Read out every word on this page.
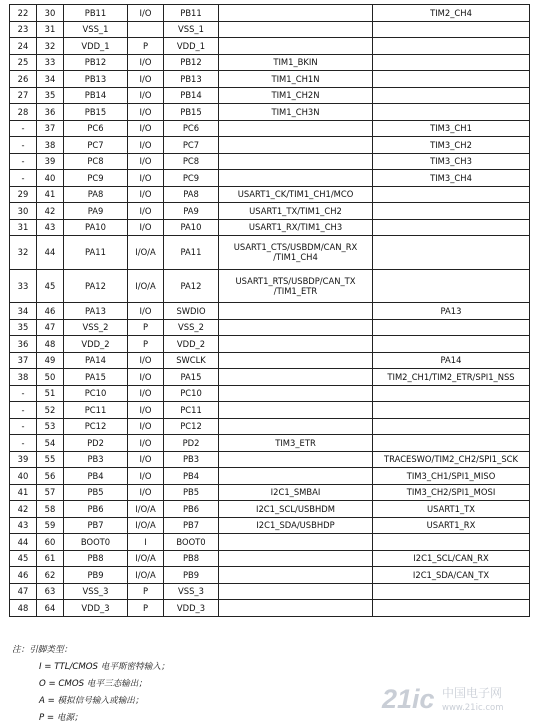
22	30	PB11	I/O	PB11		TIM2_CH4
23	31	VSS_1		VSS_1		
24	32	VDD_1	P	VDD_1		
25	33	PB12	I/O	PB12	TIM1_BKIN	
26	34	PB13	I/O	PB13	TIM1_CH1N	
27	35	PB14	I/O	PB14	TIM1_CH2N	
28	36	PB15	I/O	PB15	TIM1_CH3N	
-	37	PC6	I/O	PC6		TIM3_CH1
-	38	PC7	I/O	PC7		TIM3_CH2
-	39	PC8	I/O	PC8		TIM3_CH3
-	40	PC9	I/O	PC9		TIM3_CH4
29	41	PA8	I/O	PA8	USART1_CK/TIM1_CH1/MCO	
30	42	PA9	I/O	PA9	USART1_TX/TIM1_CH2	
31	43	PA10	I/O	PA10	USART1_RX/TIM1_CH3	
32	44	PA11	I/O/A	PA11	USART1_CTS/USBDM/CAN_RX /TIM1_CH4	
33	45	PA12	I/O/A	PA12	USART1_RTS/USBDP/CAN_TX /TIM1_ETR	
34	46	PA13	I/O	SWDIO		PA13
35	47	VSS_2	P	VSS_2		
36	48	VDD_2	P	VDD_2		
37	49	PA14	I/O	SWCLK		PA14
38	50	PA15	I/O	PA15		TIM2_CH1/TIM2_ETR/SPI1_NSS
-	51	PC10	I/O	PC10		
-	52	PC11	I/O	PC11		
-	53	PC12	I/O	PC12		
-	54	PD2	I/O	PD2	TIM3_ETR	
39	55	PB3	I/O	PB3		TRACESWO/TIM2_CH2/SPI1_SCK
40	56	PB4	I/O	PB4		TIM3_CH1/SPI1_MISO
41	57	PB5	I/O	PB5	I2C1_SMBAI	TIM3_CH2/SPI1_MOSI
42	58	PB6	I/O/A	PB6	I2C1_SCL/USBHDM	USART1_TX
43	59	PB7	I/O/A	PB7	I2C1_SDA/USBHDP	USART1_RX
44	60	BOOT0	I	BOOT0		
45	61	PB8	I/O/A	PB8		I2C1_SCL/CAN_RX
46	62	PB9	I/O/A	PB9		I2C1_SDA/CAN_TX
47	63	VSS_3	P	VSS_3		
48	64	VDD_3	P	VDD_3		
注：引脚类型：
I = TTL/CMOS 电平斯密特输入；
O = CMOS 电平三态输出；
A = 模拟信号输入或输出；
P = 电源；
21ic 中国电子网
www.21ic.com
